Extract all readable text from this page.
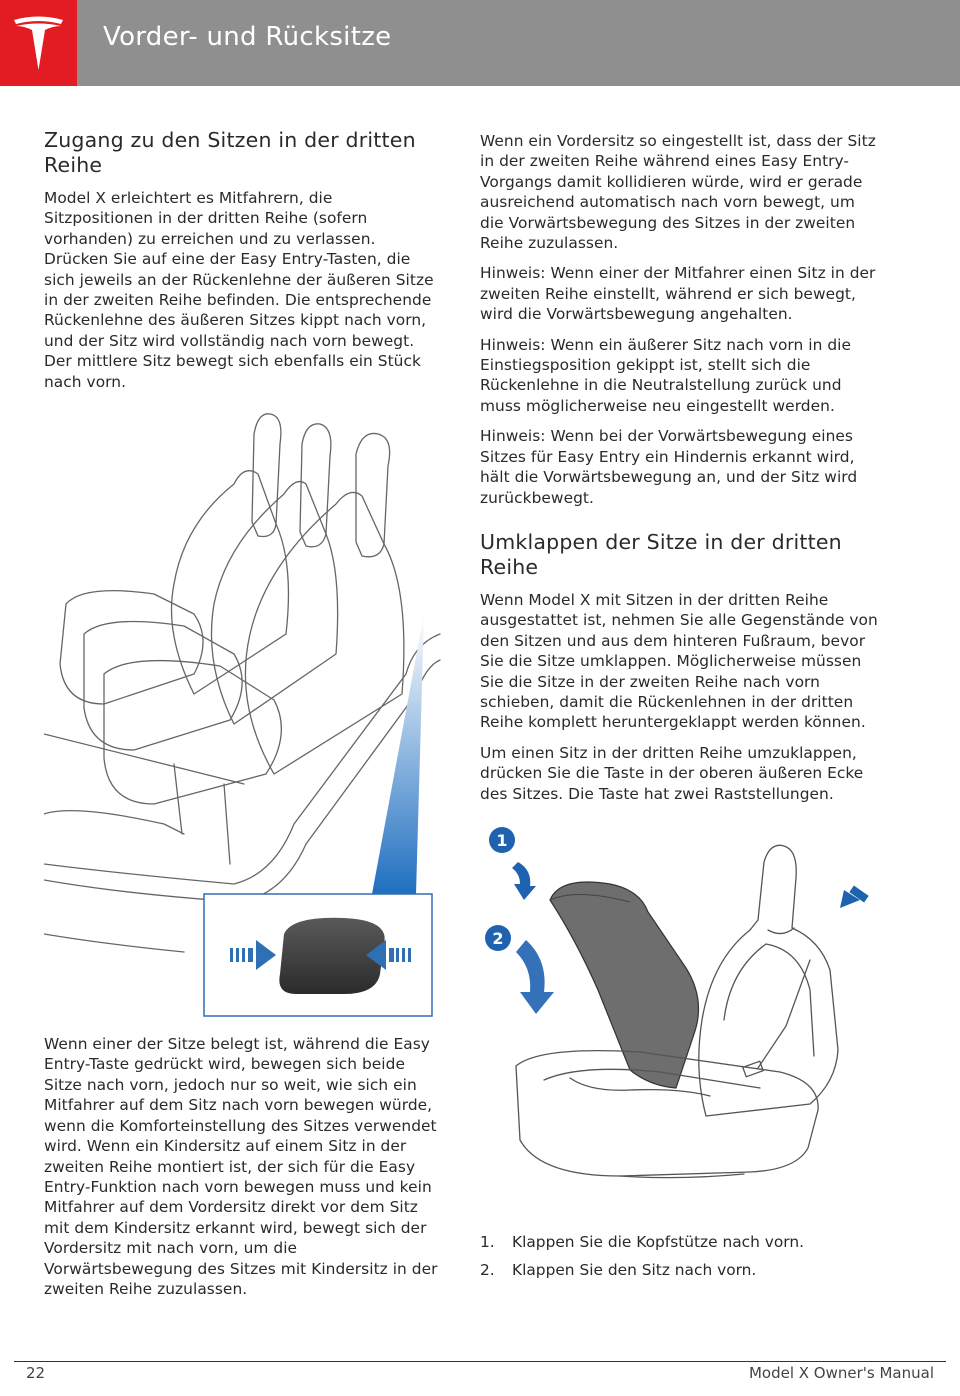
Vorder- und Rücksitze
Zugang zu den Sitzen in der dritten Reihe

Model X erleichtert es Mitfahrern, die Sitzpositionen in der dritten Reihe (sofern vorhanden) zu erreichen und zu verlassen. Drücken Sie auf eine der Easy Entry-Tasten, die sich jeweils an der Rückenlehne der äußeren Sitze in der zweiten Reihe befinden. Die entsprechende Rückenlehne des äußeren Sitzes kippt nach vorn, und der Sitz wird vollständig nach vorn bewegt. Der mittlere Sitz bewegt sich ebenfalls ein Stück nach vorn.

Wenn einer der Sitze belegt ist, während die Easy Entry-Taste gedrückt wird, bewegen sich beide Sitze nach vorn, jedoch nur so weit, wie sich ein Mitfahrer auf dem Sitz nach vorn bewegen würde, wenn die Komforteinstellung des Sitzes verwendet wird. Wenn ein Kindersitz auf einem Sitz in der zweiten Reihe montiert ist, der sich für die Easy Entry-Funktion nach vorn bewegen muss und kein Mitfahrer auf dem Vordersitz direkt vor dem Sitz mit dem Kindersitz erkannt wird, bewegt sich der Vordersitz mit nach vorn, um die Vorwärtsbewegung des Sitzes mit Kindersitz in der zweiten Reihe zuzulassen.

Wenn ein Vordersitz so eingestellt ist, dass der Sitz in der zweiten Reihe während eines Easy Entry-Vorgangs damit kollidieren würde, wird er gerade ausreichend automatisch nach vorn bewegt, um die Vorwärtsbewegung des Sitzes in der zweiten Reihe zuzulassen.

Hinweis: Wenn einer der Mitfahrer einen Sitz in der zweiten Reihe einstellt, während er sich bewegt, wird die Vorwärtsbewegung angehalten.

Hinweis: Wenn ein äußerer Sitz nach vorn in die Einstiegsposition gekippt ist, stellt sich die Rückenlehne in die Neutralstellung zurück und muss möglicherweise neu eingestellt werden.

Hinweis: Wenn bei der Vorwärtsbewegung eines Sitzes für Easy Entry ein Hindernis erkannt wird, hält die Vorwärtsbewegung an, und der Sitz wird zurückbewegt.

Umklappen der Sitze in der dritten Reihe

Wenn Model X mit Sitzen in der dritten Reihe ausgestattet ist, nehmen Sie alle Gegenstände von den Sitzen und aus dem hinteren Fußraum, bevor Sie die Sitze umklappen. Möglicherweise müssen Sie die Sitze in der zweiten Reihe nach vorn schieben, damit die Rückenlehnen in der dritten Reihe komplett heruntergeklappt werden können.

Um einen Sitz in der dritten Reihe umzuklappen, drücken Sie die Taste in der oberen äußeren Ecke des Sitzes. Die Taste hat zwei Raststellungen.

1
2
1.	Klappen Sie die Kopfstütze nach vorn.
2.	Klappen Sie den Sitz nach vorn.
22	Model X Owner's Manual
